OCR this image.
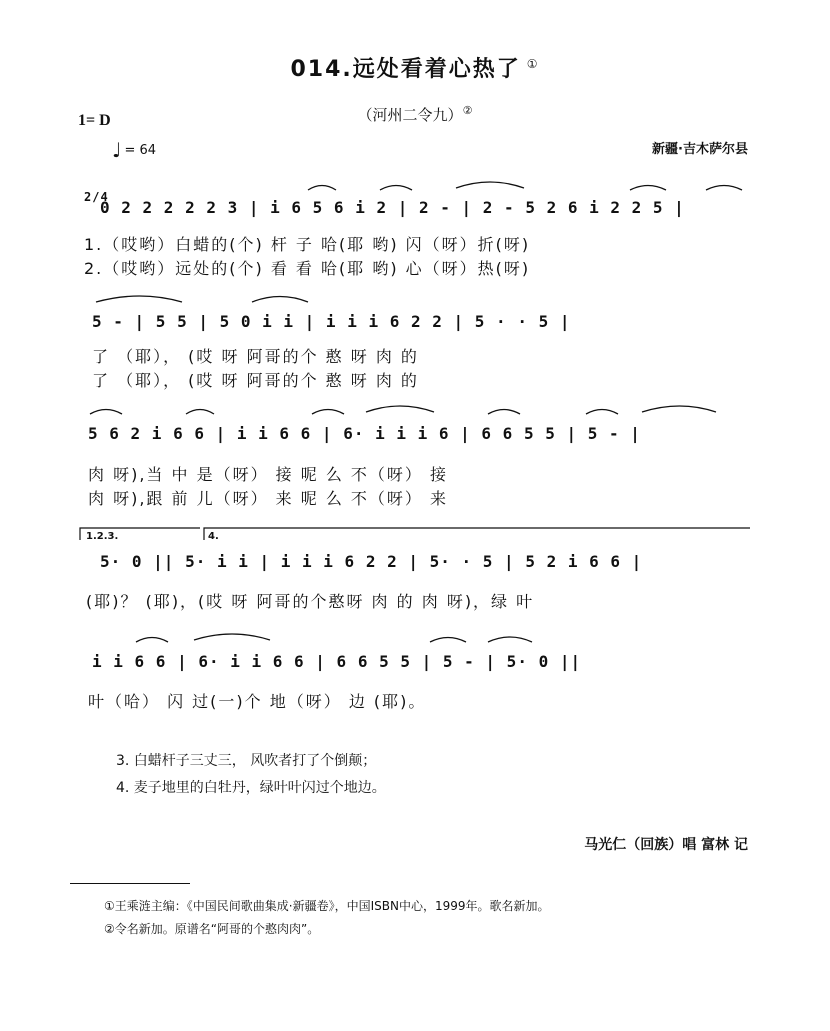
014.远处看着心热了 ①
（河州二令九）②
1= D
♩ = 64	新疆·吉木萨尔县
2/4
0 2 2 2 2 2 3 | i 6 5 6 i 2 | 2 - | 2 - 5 2 6 i 2 2 5 |
1.（哎哟）白蜡的(个) 杆 子 哈(耶 哟) 闪（呀）折(呀)
2.（哎哟）远处的(个) 看 看 哈(耶 哟) 心（呀）热(呀)
5 - | 5 5 | 5 0 i i | i i i 6 2 2 | 5 · · 5 |
了 （耶）， (哎 呀 阿哥的个 憨 呀 肉 的
了 （耶）， (哎 呀 阿哥的个 憨 呀 肉 的
5 6 2 i 6 6 | i i 6 6 | 6· i i i 6 | 6 6 5 5 | 5 - |
肉 呀),当 中 是（呀） 接 呢 么 不（呀） 接
肉 呀),跟 前 儿（呀） 来 呢 么 不（呀） 来
1.2.3.	4.
5· 0 || 5· i i | i i i 6 2 2 | 5· · 5 | 5 2 i 6 6 |
(耶)？ (耶)，(哎 呀 阿哥的个憨呀 肉 的 肉 呀)，绿 叶
i i 6 6 | 6· i i 6 6 | 6 6 5 5 | 5 - | 5· 0 ||
叶（哈） 闪 过(一)个 地（呀） 边 (耶)。
3. 白蜡杆子三丈三， 风吹者打了个倒颠；
4. 麦子地里的白牡丹，绿叶叶闪过个地边。
马光仁（回族）唱 富林 记
①王乘涟主编：《中国民间歌曲集成·新疆卷》，中国ISBN中心，1999年。歌名新加。
②令名新加。原谱名“阿哥的个憨肉肉”。
